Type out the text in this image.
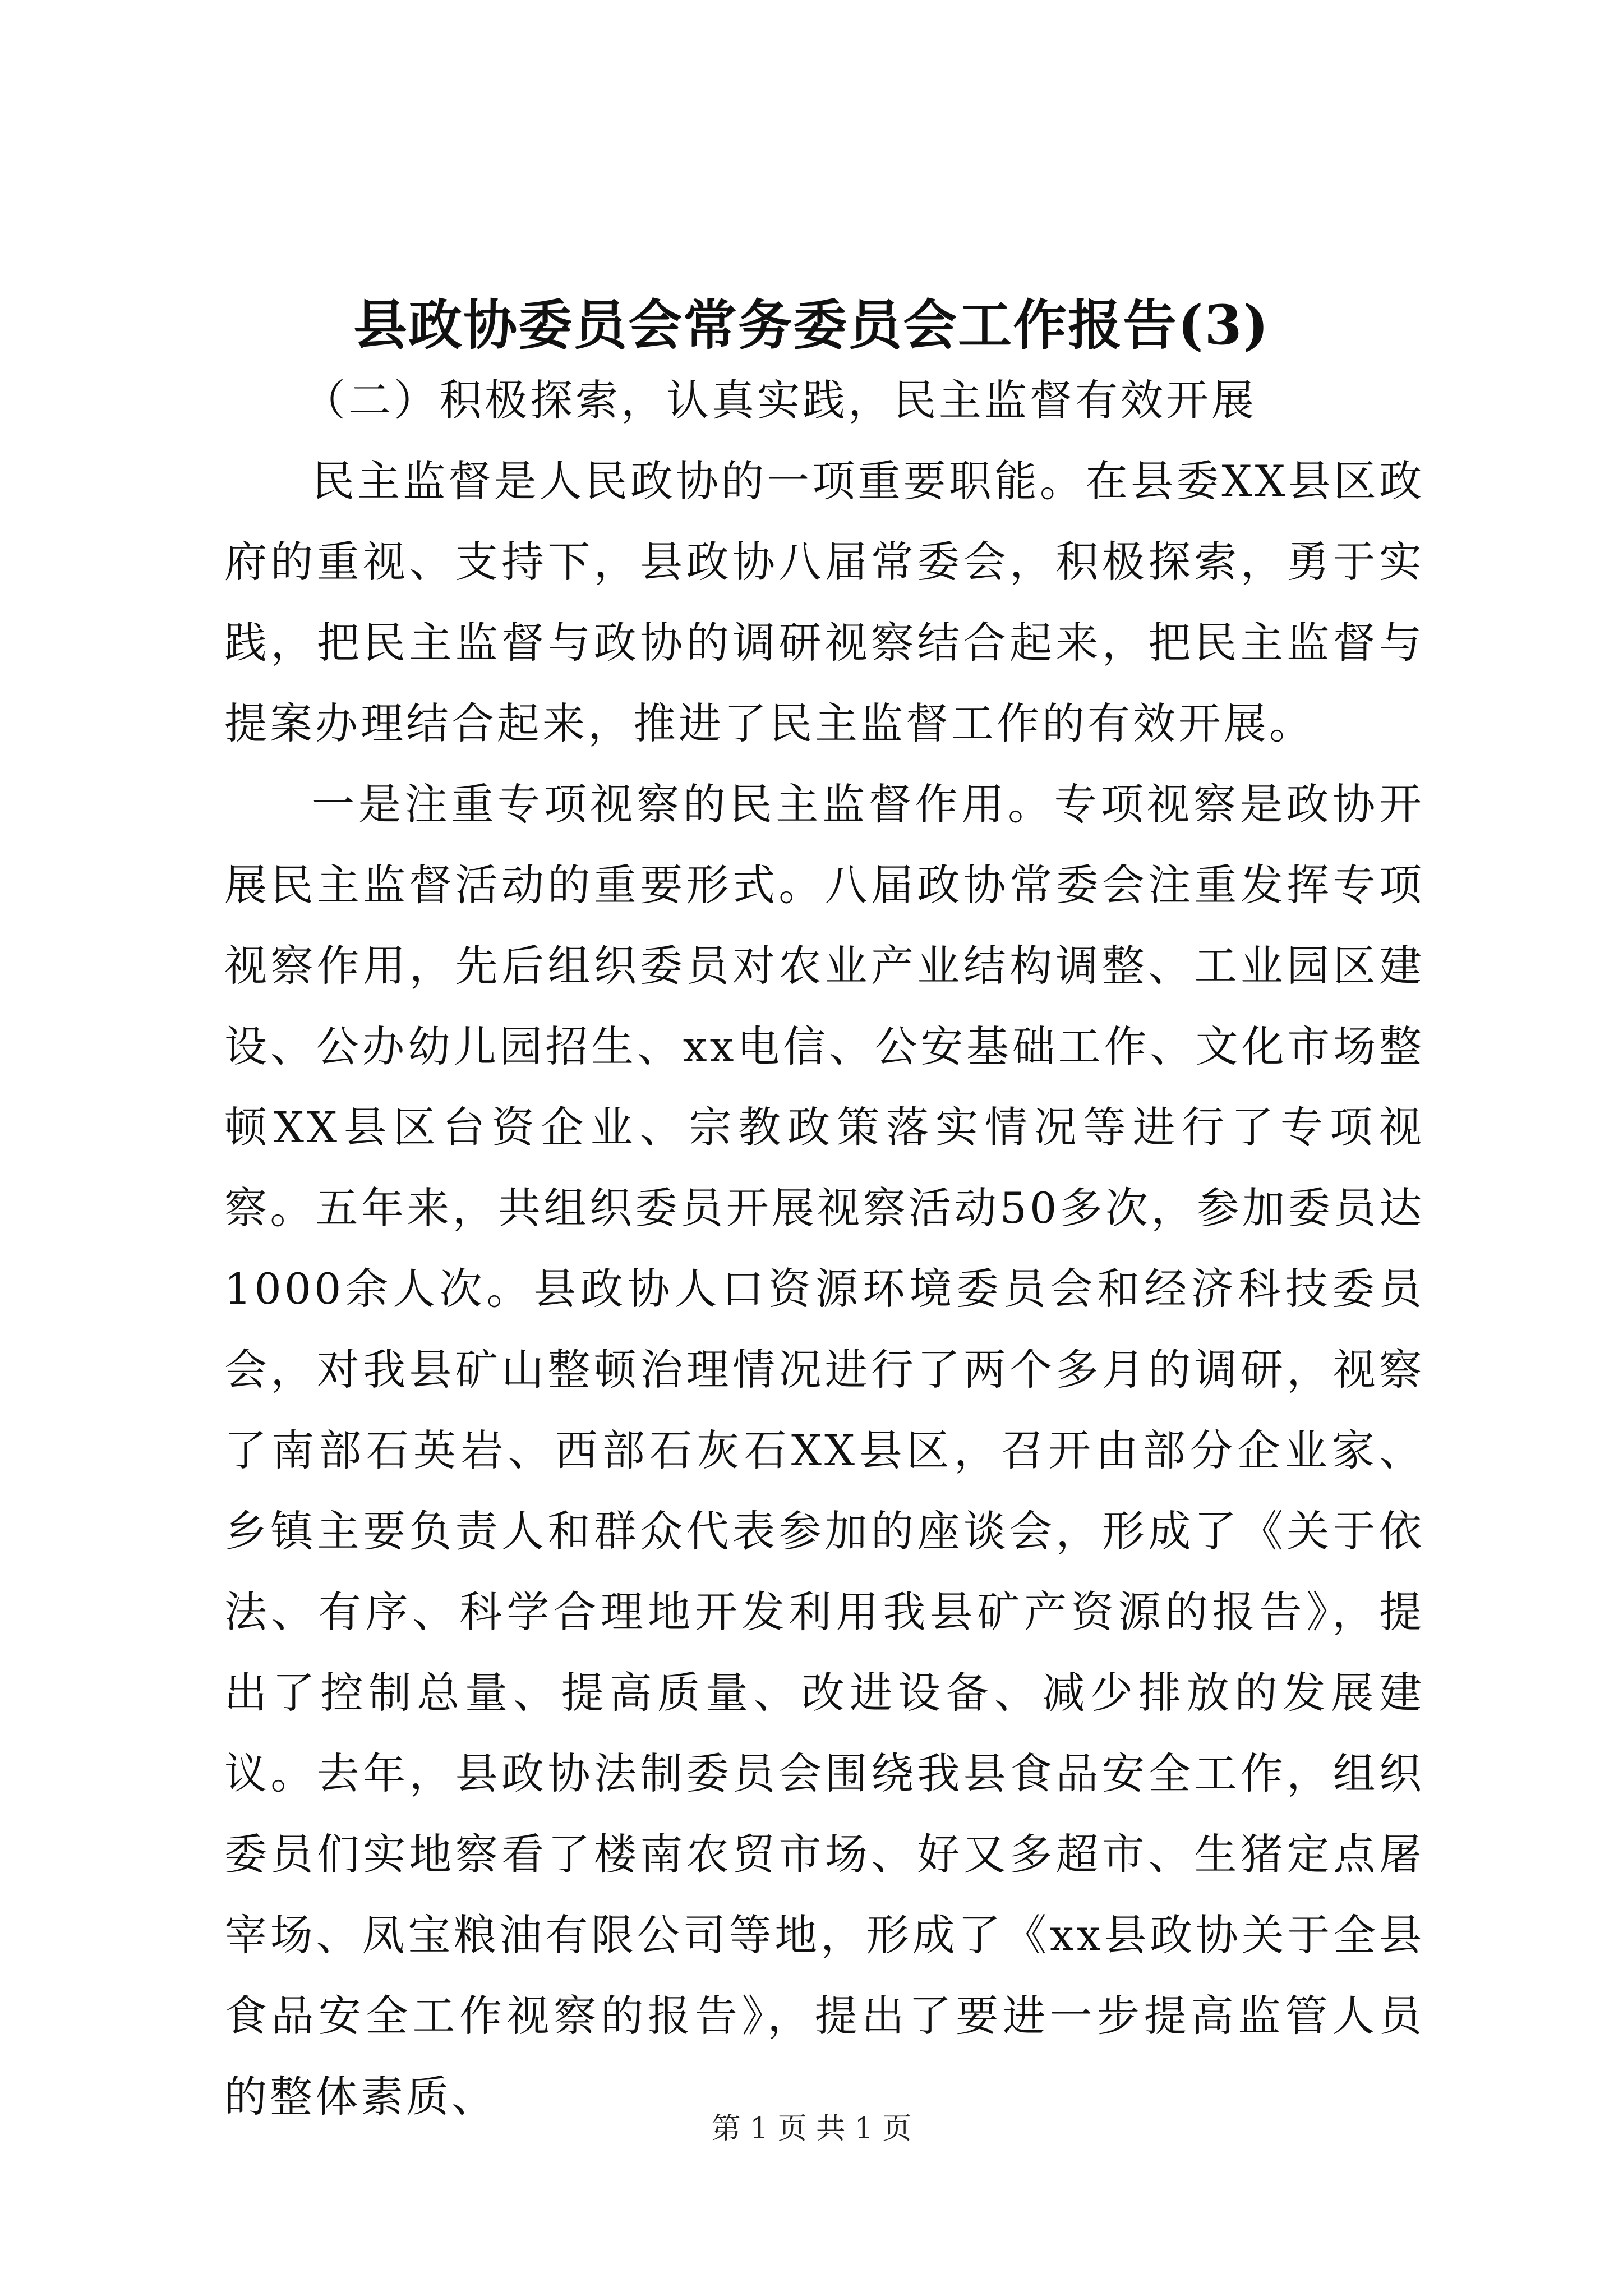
县政协委员会常务委员会工作报告(3)

（二）积极探索，认真实践，民主监督有效开展

民主监督是人民政协的一项重要职能。在县委XX县区政府的重视、支持下，县政协八届常委会，积极探索，勇于实践，把民主监督与政协的调研视察结合起来，把民主监督与提案办理结合起来，推进了民主监督工作的有效开展。

一是注重专项视察的民主监督作用。专项视察是政协开展民主监督活动的重要形式。八届政协常委会注重发挥专项视察作用，先后组织委员对农业产业结构调整、工业园区建设、公办幼儿园招生、xx电信、公安基础工作、文化市场整顿XX县区台资企业、宗教政策落实情况等进行了专项视察。五年来，共组织委员开展视察活动50多次，参加委员达1000余人次。县政协人口资源环境委员会和经济科技委员会，对我县矿山整顿治理情况进行了两个多月的调研，视察了南部石英岩、西部石灰石XX县区，召开由部分企业家、乡镇主要负责人和群众代表参加的座谈会，形成了《关于依法、有序、科学合理地开发利用我县矿产资源的报告》，提出了控制总量、提高质量、改进设备、减少排放的发展建议。去年，县政协法制委员会围绕我县食品安全工作，组织委员们实地察看了楼南农贸市场、好又多超市、生猪定点屠宰场、凤宝粮油有限公司等地，形成了《xx县政协关于全县食品安全工作视察的报告》，提出了要进一步提高监管人员的整体素质、

第 1 页 共 1 页
